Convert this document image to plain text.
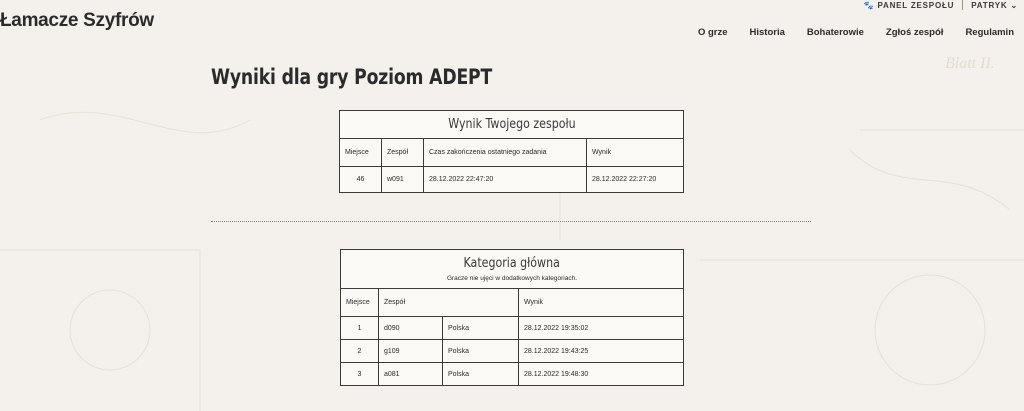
Blatt II.
Łamacze Szyfrów
🐾 PANEL ZESPOŁU PATRYK ⌄
O grze Historia Bohaterowie Zgłoś zespół Regulamin
Wyniki dla gry Poziom ADEPT
Wynik Twojego zespołu			
Miejsce	Zespół	Czas zakończenia ostatniego zadania	Wynik
46	w091	28.12.2022 22:47:20	28.12.2022 22:27:20
Kategoria główna
Gracze nie ujęci w dodatkowych kategoriach.			

Miejsce	Zespół		Wynik
1	d090	Polska	28.12.2022 19:35:02
2	g109	Polska	28.12.2022 19:43:25
3	a081	Polska	28.12.2022 19:48:30
